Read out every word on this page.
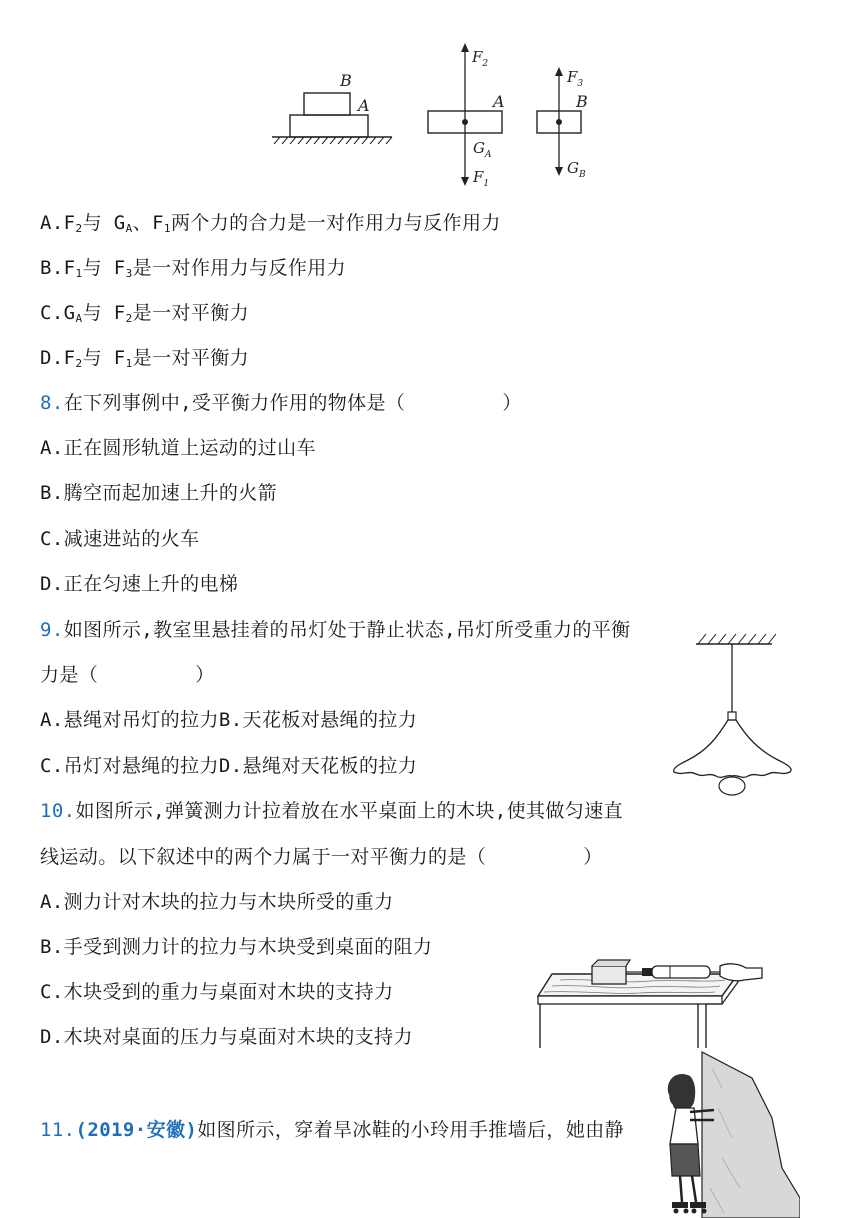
B
A
$F_2$
A
$G_A$
$F_1$
$F_3$
B
$G_B$
$A.F_2$与 $G_A$、$F_1$两个力的合力是一对作用力与反作用力
$B.F_1$与 $F_3$是一对作用力与反作用力
$C.G_A$与 $F_2$是一对平衡力
$D.F_2$与 $F_1$是一对平衡力
8.在下列事例中,受平衡力作用的物体是（　　　　　）
A.正在圆形轨道上运动的过山车
B.腾空而起加速上升的火箭
C.减速进站的火车
D.正在匀速上升的电梯
9.如图所示,教室里悬挂着的吊灯处于静止状态,吊灯所受重力的平衡
力是（　　　　　）
A.悬绳对吊灯的拉力B.天花板对悬绳的拉力
C.吊灯对悬绳的拉力D.悬绳对天花板的拉力
10.如图所示,弹簧测力计拉着放在水平桌面上的木块,使其做匀速直
线运动。以下叙述中的两个力属于一对平衡力的是（　　　　　）
A.测力计对木块的拉力与木块所受的重力
B.手受到测力计的拉力与木块受到桌面的阻力
C.木块受到的重力与桌面对木块的支持力
D.木块对桌面的压力与桌面对木块的支持力
11.(2019·安徽)如图所示，穿着旱冰鞋的小玲用手推墙后，她由静
